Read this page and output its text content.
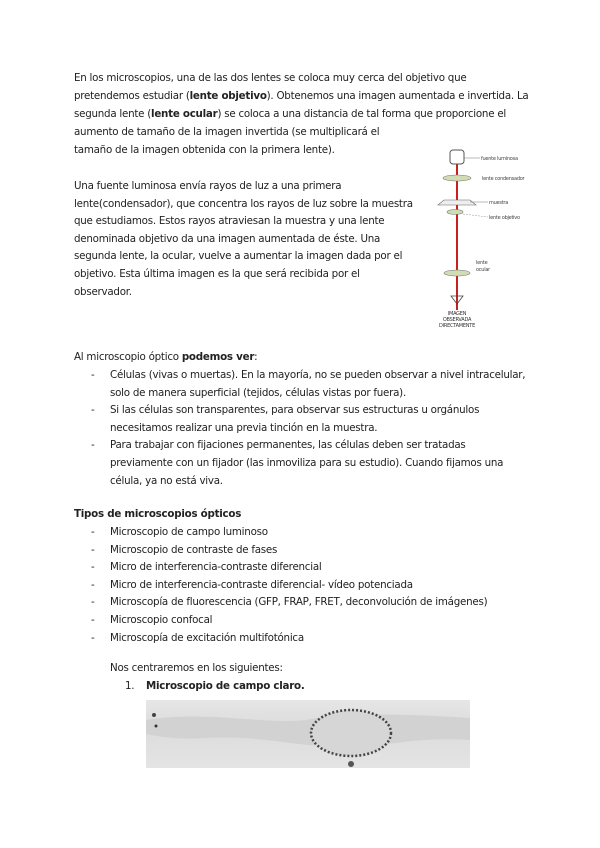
En los microscopios, una de las dos lentes se coloca muy cerca del objetivo que
pretendemos estudiar (lente objetivo). Obtenemos una imagen aumentada e invertida. La
segunda lente (lente ocular) se coloca a una distancia de tal forma que proporcione el
aumento de tamaño de la imagen invertida (se multiplicará el
tamaño de la imagen obtenida con la primera lente).
Una fuente luminosa envía rayos de luz a una primera
lente(condensador), que concentra los rayos de luz sobre la muestra
que estudiamos. Estos rayos atraviesan la muestra y una lente
denominada objetivo da una imagen aumentada de éste. Una
segunda lente, la ocular, vuelve a aumentar la imagen dada por el
objetivo. Esta última imagen es la que será recibida por el
observador.
fuente luminosa
lente condensador
muestra
lente objetivo
lente
ocular
IMAGEN
OBSERVADA
DIRECTAMENTE
Al microscopio óptico podemos ver:
- Células (vivas o muertas). En la mayoría, no se pueden observar a nivel intracelular,
solo de manera superficial (tejidos, células vistas por fuera).
- Si las células son transparentes, para observar sus estructuras u orgánulos
necesitamos realizar una previa tinción en la muestra.
- Para trabajar con fijaciones permanentes, las células deben ser tratadas
previamente con un fijador (las inmoviliza para su estudio). Cuando fijamos una
célula, ya no está viva.
Tipos de microscopios ópticos
- Microscopio de campo luminoso
- Microscopio de contraste de fases
- Micro de interferencia-contraste diferencial
- Micro de interferencia-contraste diferencial- vídeo potenciada
- Microscopía de fluorescencia (GFP, FRAP, FRET, deconvolución de imágenes)
- Microscopio confocal
- Microscopía de excitación multifotónica
Nos centraremos en los siguientes:
1. Microscopio de campo claro.
